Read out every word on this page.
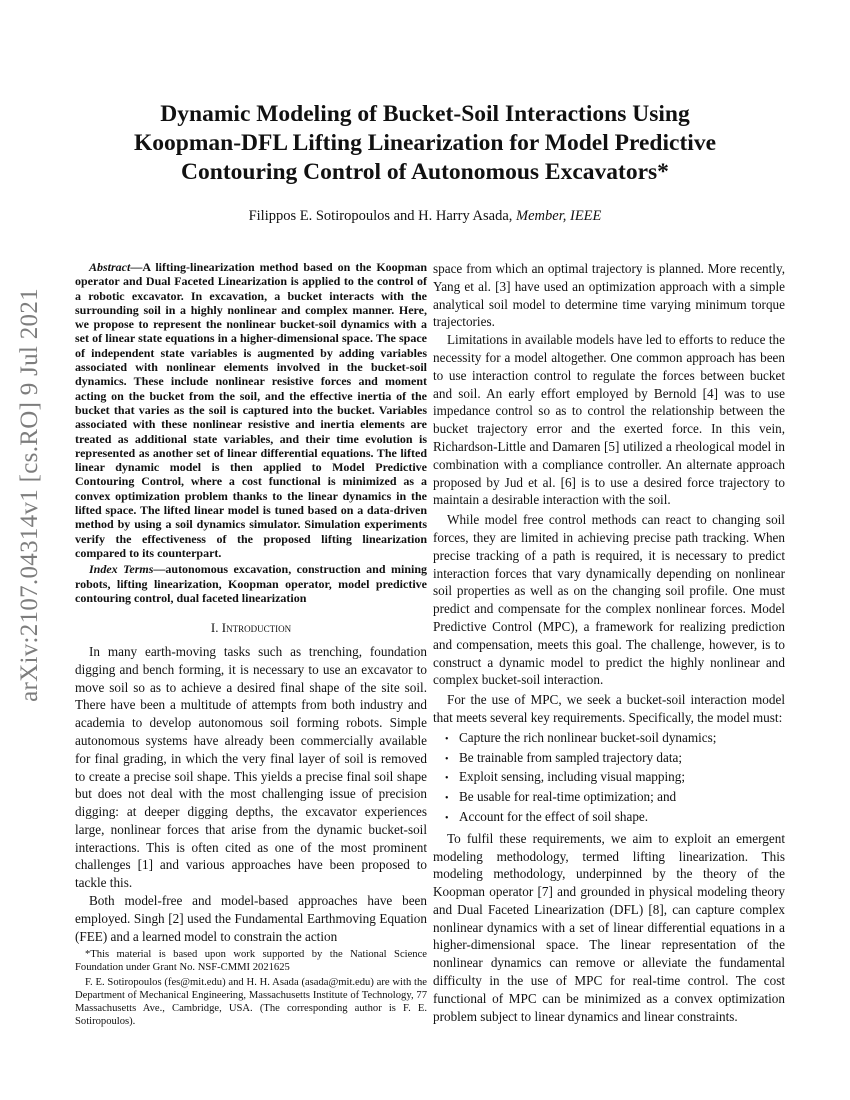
arXiv:2107.04314v1 [cs.RO] 9 Jul 2021
Dynamic Modeling of Bucket-Soil Interactions Using
Koopman-DFL Lifting Linearization for Model Predictive
Contouring Control of Autonomous Excavators*
Filippos E. Sotiropoulos and H. Harry Asada, Member, IEEE

Abstract—A lifting-linearization method based on the Koopman operator and Dual Faceted Linearization is applied to the control of a robotic excavator. In excavation, a bucket interacts with the surrounding soil in a highly nonlinear and complex manner. Here, we propose to represent the nonlinear bucket-soil dynamics with a set of linear state equations in a higher-dimensional space. The space of independent state variables is augmented by adding variables associated with nonlinear elements involved in the bucket-soil dynamics. These include nonlinear resistive forces and moment acting on the bucket from the soil, and the effective inertia of the bucket that varies as the soil is captured into the bucket. Variables associated with these nonlinear resistive and inertia elements are treated as additional state variables, and their time evolution is represented as another set of linear differential equations. The lifted linear dynamic model is then applied to Model Predictive Contouring Control, where a cost functional is minimized as a convex optimization problem thanks to the linear dynamics in the lifted space. The lifted linear model is tuned based on a data-driven method by using a soil dynamics simulator. Simulation experiments verify the effectiveness of the proposed lifting linearization compared to its counterpart.

Index Terms—autonomous excavation, construction and mining robots, lifting linearization, Koopman operator, model predictive contouring control, dual faceted linearization

I. Introduction

In many earth-moving tasks such as trenching, foundation digging and bench forming, it is necessary to use an excavator to move soil so as to achieve a desired final shape of the site soil. There have been a multitude of attempts from both industry and academia to develop autonomous soil forming robots. Simple autonomous systems have already been commercially available for final grading, in which the very final layer of soil is removed to create a precise soil shape. This yields a precise final soil shape but does not deal with the most challenging issue of precision digging: at deeper digging depths, the excavator experiences large, nonlinear forces that arise from the dynamic bucket-soil interactions. This is often cited as one of the most prominent challenges [1] and various approaches have been proposed to tackle this.

Both model-free and model-based approaches have been employed. Singh [2] used the Fundamental Earthmoving Equation (FEE) and a learned model to constrain the action

*This material is based upon work supported by the National Science Foundation under Grant No. NSF-CMMI 2021625

F. E. Sotiropoulos (fes@mit.edu) and H. H. Asada (asada@mit.edu) are with the Department of Mechanical Engineering, Massachusetts Institute of Technology, 77 Massachusetts Ave., Cambridge, USA. (The corresponding author is F. E. Sotiropoulos).

space from which an optimal trajectory is planned. More recently, Yang et al. [3] have used an optimization approach with a simple analytical soil model to determine time varying minimum torque trajectories.

Limitations in available models have led to efforts to reduce the necessity for a model altogether. One common approach has been to use interaction control to regulate the forces between bucket and soil. An early effort employed by Bernold [4] was to use impedance control so as to control the relationship between the bucket trajectory error and the exerted force. In this vein, Richardson-Little and Damaren [5] utilized a rheological model in combination with a compliance controller. An alternate approach proposed by Jud et al. [6] is to use a desired force trajectory to maintain a desirable interaction with the soil.

While model free control methods can react to changing soil forces, they are limited in achieving precise path tracking. When precise tracking of a path is required, it is necessary to predict interaction forces that vary dynamically depending on nonlinear soil properties as well as on the changing soil profile. One must predict and compensate for the complex nonlinear forces. Model Predictive Control (MPC), a framework for realizing prediction and compensation, meets this goal. The challenge, however, is to construct a dynamic model to predict the highly nonlinear and complex bucket-soil interaction.

For the use of MPC, we seek a bucket-soil interaction model that meets several key requirements. Specifically, the model must:

• Capture the rich nonlinear bucket-soil dynamics;
• Be trainable from sampled trajectory data;
• Exploit sensing, including visual mapping;
• Be usable for real-time optimization; and
• Account for the effect of soil shape.

To fulfil these requirements, we aim to exploit an emergent modeling methodology, termed lifting linearization. This modeling methodology, underpinned by the theory of the Koopman operator [7] and grounded in physical modeling theory and Dual Faceted Linearization (DFL) [8], can capture complex nonlinear dynamics with a set of linear differential equations in a higher-dimensional space. The linear representation of the nonlinear dynamics can remove or alleviate the fundamental difficulty in the use of MPC for real-time control. The cost functional of MPC can be minimized as a convex optimization problem subject to linear dynamics and linear constraints.
